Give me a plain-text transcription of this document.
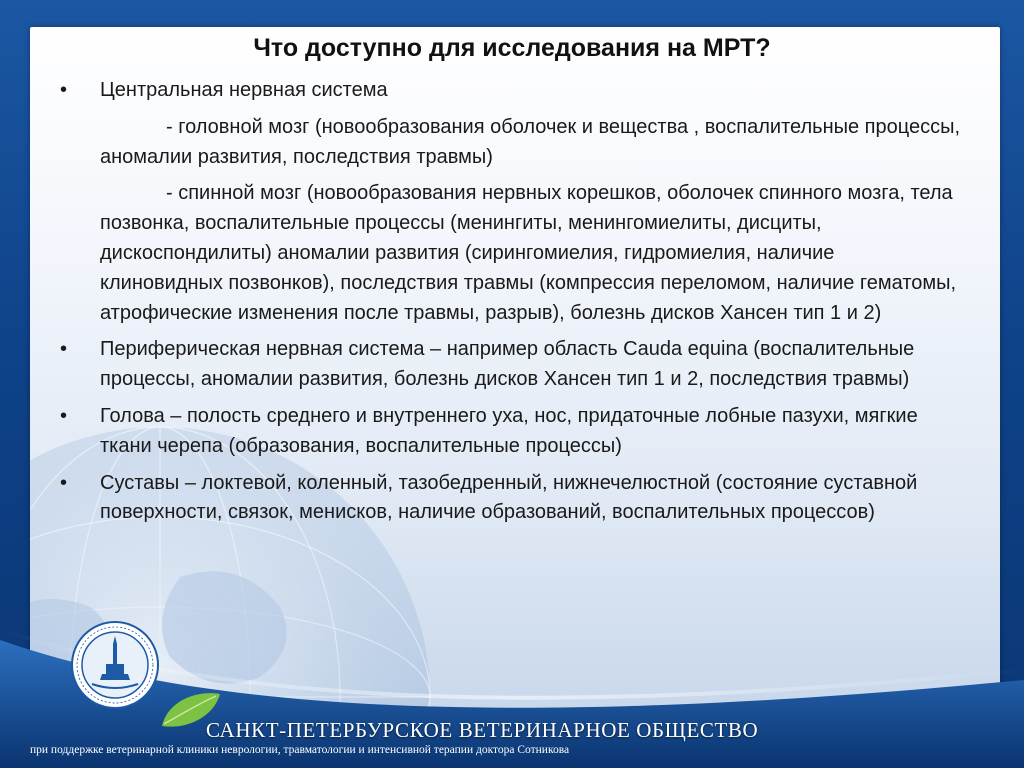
Что доступно для исследования на МРТ?
• Центральная нервная система
- головной мозг (новообразования оболочек и вещества , воспалительные процессы, аномалии развития, последствия травмы)
- спинной мозг (новообразования нервных корешков, оболочек спинного мозга, тела позвонка, воспалительные процессы (менингиты, менингомиелиты, дисциты, дискоспондилиты) аномалии развития (сирингомиелия, гидромиелия, наличие клиновидных позвонков), последствия травмы (компрессия переломом, наличие гематомы, атрофические изменения после травмы, разрыв), болезнь дисков Хансен тип 1 и 2)
• Периферическая нервная система – например область Cauda equina (воспалительные процессы, аномалии развития, болезнь дисков Хансен тип 1 и 2, последствия травмы)
• Голова – полость среднего и внутреннего уха, нос, придаточные лобные пазухи, мягкие ткани черепа (образования, воспалительные процессы)
• Суставы – локтевой, коленный, тазобедренный, нижнечелюстной (состояние суставной поверхности, связок, менисков, наличие образований, воспалительных процессов)

САНКТ-ПЕТЕРБУРСКОЕ ВЕТЕРИНАРНОЕ ОБЩЕСТВО

при поддержке ветеринарной клиники неврологии, травматологии и интенсивной терапии доктора Сотникова
